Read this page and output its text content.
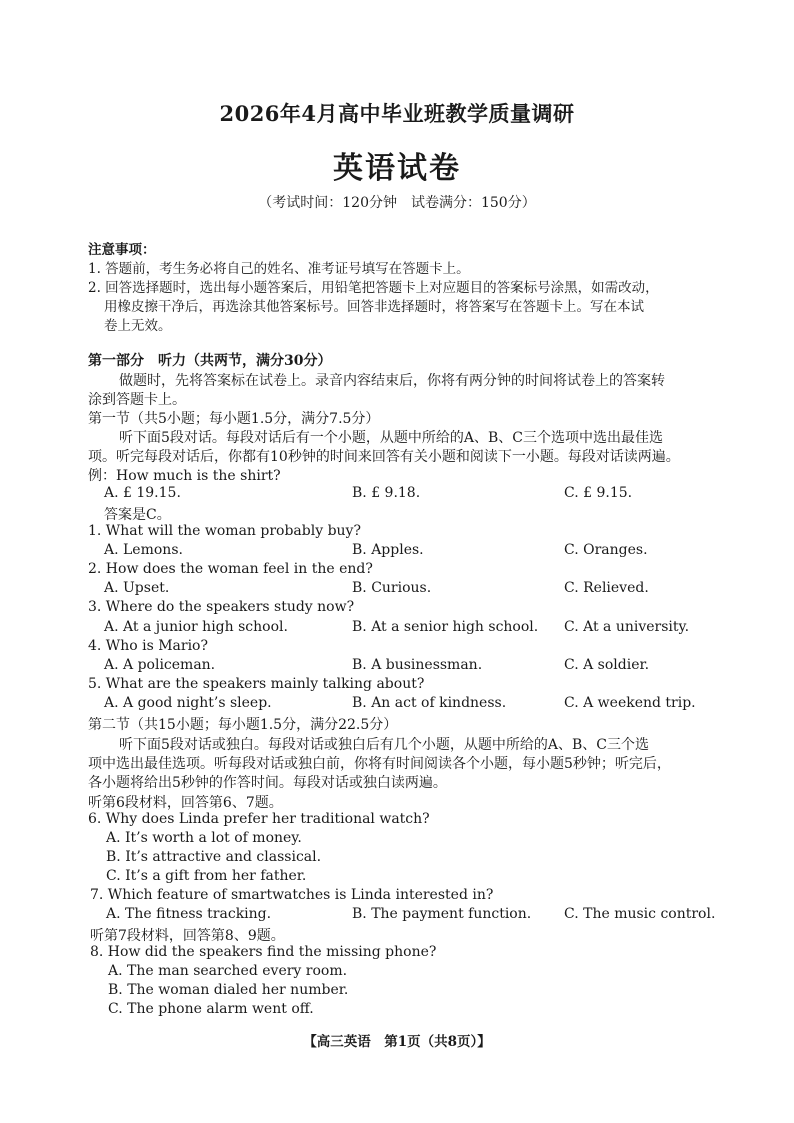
2026年4月高中毕业班教学质量调研
英语试卷
（考试时间：120分钟　试卷满分：150分）
注意事项：
1. 答题前，考生务必将自己的姓名、准考证号填写在答题卡上。
2. 回答选择题时，选出每小题答案后，用铅笔把答题卡上对应题目的答案标号涂黑，如需改动，
用橡皮擦干净后，再选涂其他答案标号。回答非选择题时，将答案写在答题卡上。写在本试
卷上无效。
第一部分　听力（共两节，满分30分）
做题时，先将答案标在试卷上。录音内容结束后，你将有两分钟的时间将试卷上的答案转
涂到答题卡上。
第一节（共5小题；每小题1.5分，满分7.5分）
听下面5段对话。每段对话后有一个小题，从题中所给的A、B、C三个选项中选出最佳选
项。听完每段对话后，你都有10秒钟的时间来回答有关小题和阅读下一小题。每段对话读两遍。
例：How much is the shirt?
A. £ 19.15.	B. £ 9.18.	C. £ 9.15.
答案是C。
1. What will the woman probably buy?
A. Lemons.	B. Apples.	C. Oranges.
2. How does the woman feel in the end?
A. Upset.	B. Curious.	C. Relieved.
3. Where do the speakers study now?
A. At a junior high school.	B. At a senior high school. C. At a university.
4. Who is Mario?
A. A policeman.	B. A businessman.	C. A soldier.
5. What are the speakers mainly talking about?
A. A good night’s sleep.	B. An act of kindness.	C. A weekend trip.
第二节（共15小题；每小题1.5分，满分22.5分）
听下面5段对话或独白。每段对话或独白后有几个小题，从题中所给的A、B、C三个选
项中选出最佳选项。听每段对话或独白前，你将有时间阅读各个小题，每小题5秒钟；听完后，
各小题将给出5秒钟的作答时间。每段对话或独白读两遍。
听第6段材料，回答第6、7题。
6. Why does Linda prefer her traditional watch?
A. It’s worth a lot of money.
B. It’s attractive and classical.
C. It’s a gift from her father.
7. Which feature of smartwatches is Linda interested in?
A. The fitness tracking.	B. The payment function. C. The music control.
听第7段材料，回答第8、9题。
8. How did the speakers find the missing phone?
A. The man searched every room.
B. The woman dialed her number.
C. The phone alarm went off.
【高三英语　第1页（共8页）】
